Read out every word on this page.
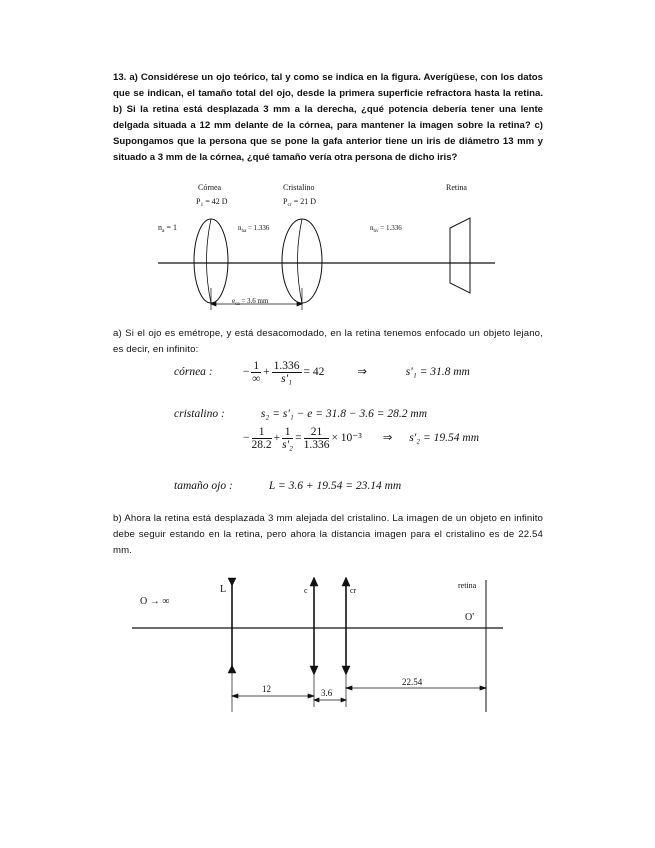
13. a) Considérese un ojo teórico, tal y como se indica en la figura. Averígüese, con los datos que se indican, el tamaño total del ojo, desde la primera superficie refractora hasta la retina. b) Si la retina está desplazada 3 mm a la derecha, ¿qué potencia debería tener una lente delgada situada a 12 mm delante de la córnea, para mantener la imagen sobre la retina? c) Supongamos que la persona que se pone la gafa anterior tiene un iris de diámetro 13 mm y situado a 3 mm de la córnea, ¿qué tamaño vería otra persona de dicho iris?
Córnea
$P_1 = 42$ D
Cristalino
$P_{cr} = 21$ D
Retina
$n_a = 1$	$n_{ha} = 1.336$	$n_{hv} = 1.336$
$e_{ca} = 3.6$ mm
a) Si el ojo es emétrope, y está desacomodado, en la retina tenemos enfocado un objeto lejano, es decir, en infinito:
córnea :	− $\frac{1}{\infty} + \frac{1.336}{\text{s'₁}} = 42$	⇒	s'₁ = 31.8 mm
cristalino :	s₂ = s'₁ − e = 31.8 − 3.6 = 28.2 mm
− $\frac{1}{28.2} + \frac{1}{\text{s'₂}} = \frac{21}{1.336} \times 10^{-3}$ ⇒ s'₂ = 19.54 mm
tamaño ojo :	L = 3.6 + 19.54 = 23.14 mm
b) Ahora la retina está desplazada 3 mm alejada del cristalino. La imagen de un objeto en infinito debe seguir estando en la retina, pero ahora la distancia imagen para el cristalino es de 22.54 mm.
O → ∞
L	c	cr
retina
O'
12	3.6
22.54
